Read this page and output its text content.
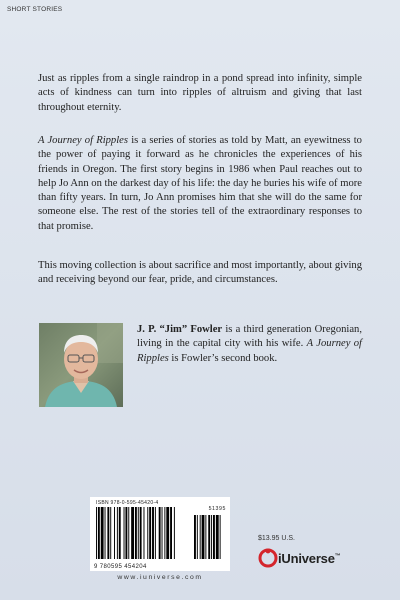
SHORT STORIES

Just as ripples from a single raindrop in a pond spread into infinity, simple acts of kindness can turn into ripples of altruism and giving that last throughout eternity.

A Journey of Ripples is a series of stories as told by Matt, an eyewitness to the power of paying it forward as he chronicles the experiences of his friends in Oregon. The first story begins in 1986 when Paul reaches out to help Jo Ann on the darkest day of his life: the day he buries his wife of more than fifty years. In turn, Jo Ann promises him that she will do the same for someone else. The rest of the stories tell of the extraordinary responses to that promise.

This moving collection is about sacrifice and most importantly, about giving and receiving beyond our fear, pride, and circumstances.

J. P. “Jim” Fowler is a third generation Oregonian, living in the capital city with his wife. A Journey of Ripples is Fowler’s second book.

ISBN 978-0-595-45420-4
51395
9 780595 454204
www.iuniverse.com
$13.95 U.S.
iUniverse™
